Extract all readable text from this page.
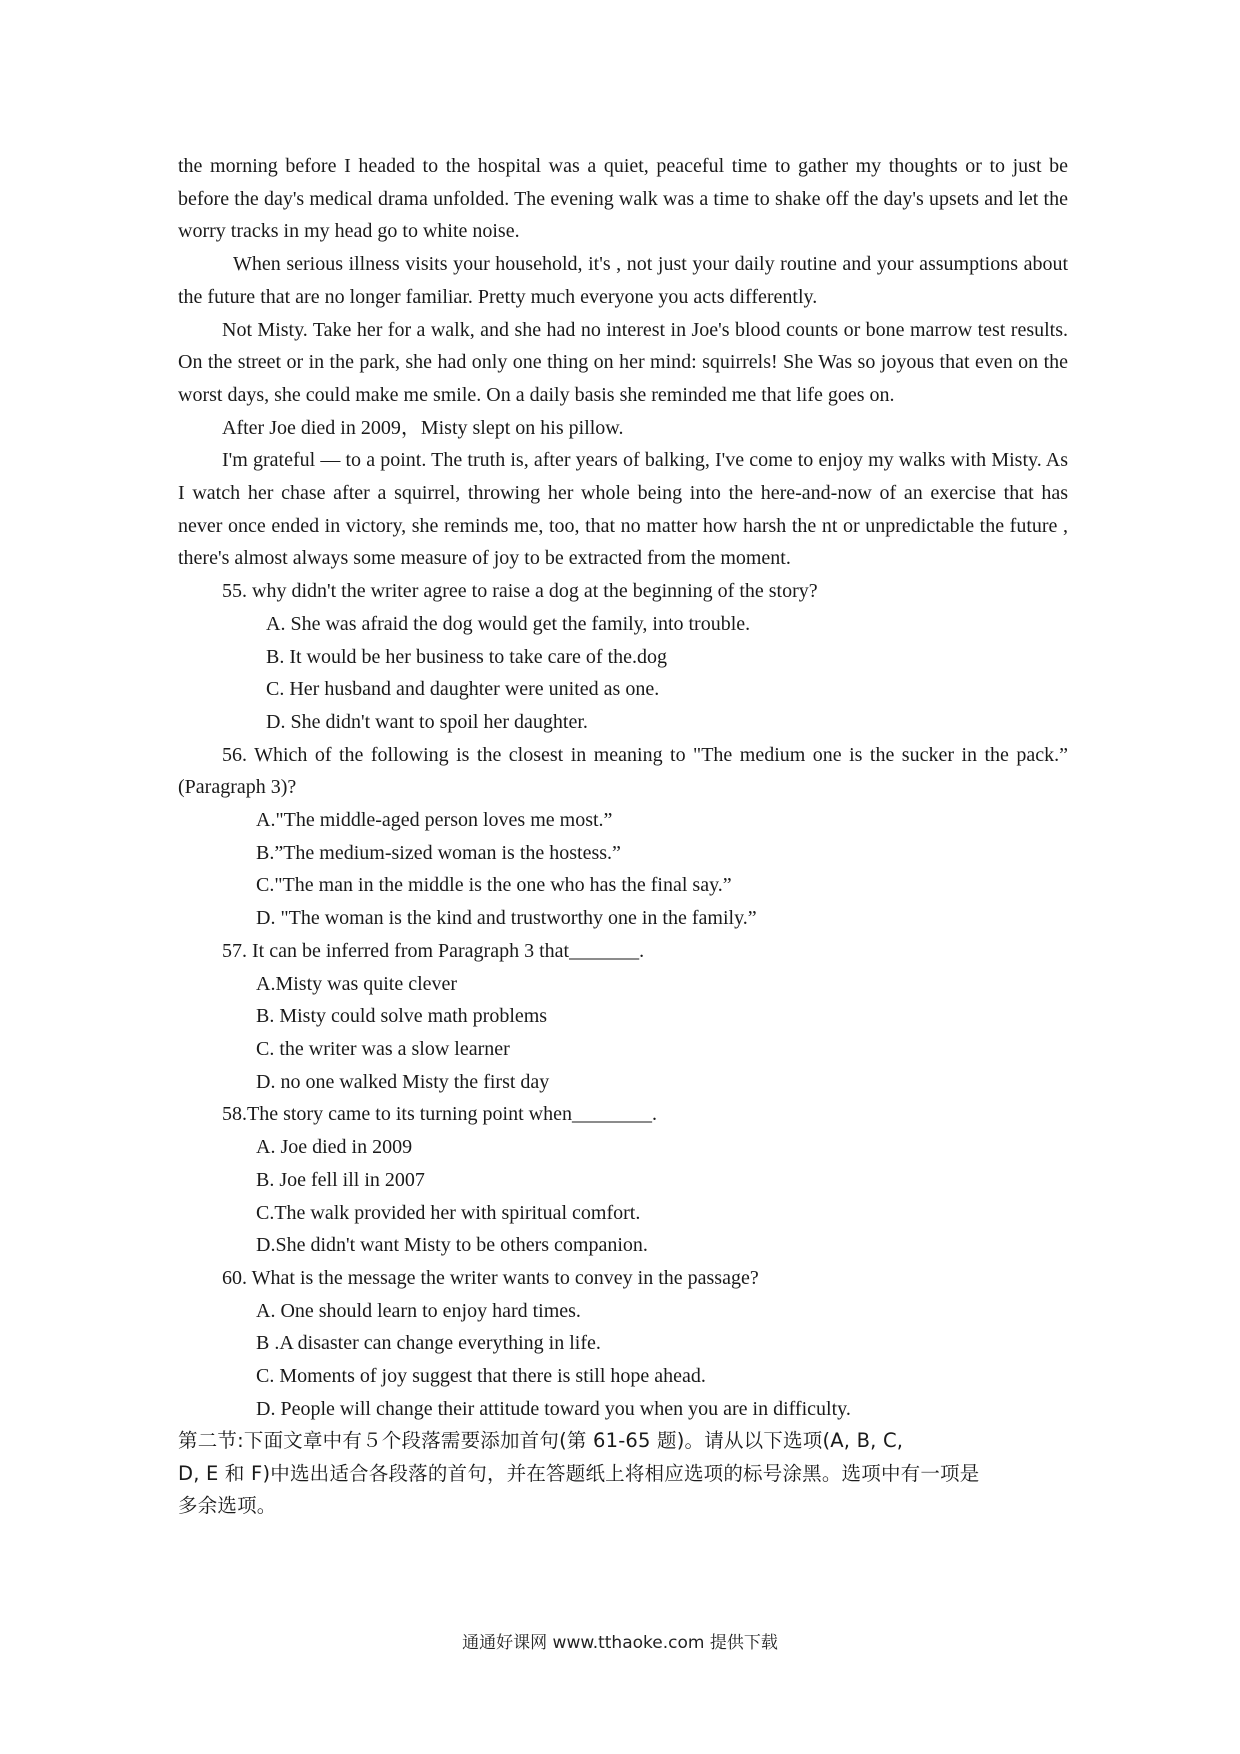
the morning before I headed to the hospital was a quiet, peaceful time to gather my thoughts or to just be before the day's medical drama unfolded. The evening walk was a time to shake off the day's upsets and let the worry tracks in my head go to white noise.

When serious illness visits your household, it's , not just your daily routine and your assumptions about the future that are no longer familiar. Pretty much everyone you acts differently.

Not Misty. Take her for a walk, and she had no interest in Joe's blood counts or bone marrow test results. On the street or in the park, she had only one thing on her mind: squirrels! She Was so joyous that even on the worst days, she could make me smile. On a daily basis she reminded me that life goes on.

After Joe died in 2009，Misty slept on his pillow.

I'm grateful — to a point. The truth is, after years of balking, I've come to enjoy my walks with Misty. As I watch her chase after a squirrel, throwing her whole being into the here-and-now of an exercise that has never once ended in victory, she reminds me, too, that no matter how harsh the nt or unpredictable the future , there's almost always some measure of joy to be extracted from the moment.

55. why didn't the writer agree to raise a dog at the beginning of the story?

A. She was afraid the dog would get the family, into trouble.

B. It would be her business to take care of the.dog

C. Her husband and daughter were united as one.

D. She didn't want to spoil her daughter.

56. Which of the following is the closest in meaning to "The medium one is the sucker in the pack.” (Paragraph 3)?

A."The middle-aged person loves me most.”

B.”The medium-sized woman is the hostess.”

C."The man in the middle is the one who has the final say.”

D. "The woman is the kind and trustworthy one in the family.”

57. It can be inferred from Paragraph 3 that_______.

A.Misty was quite clever

B. Misty could solve math problems

C. the writer was a slow learner

D. no one walked Misty the first day

58.The story came to its turning point when________.

A. Joe died in 2009

B. Joe fell ill in 2007

C.The walk provided her with spiritual comfort.

D.She didn't want Misty to be others companion.

60. What is the message the writer wants to convey in the passage?

A. One should learn to enjoy hard times.

B .A disaster can change everything in life.

C. Moments of joy suggest that there is still hope ahead.

D. People will change their attitude toward you when you are in difficulty.

第二节:下面文章中有５个段落需要添加首句(第 61-65 题)。请从以下选项(A, B, C,

D, E 和 F)中选出适合各段落的首句，并在答题纸上将相应选项的标号涂黑。选项中有一项是

多余选项。

通通好课网 www.tthaoke.com 提供下载
